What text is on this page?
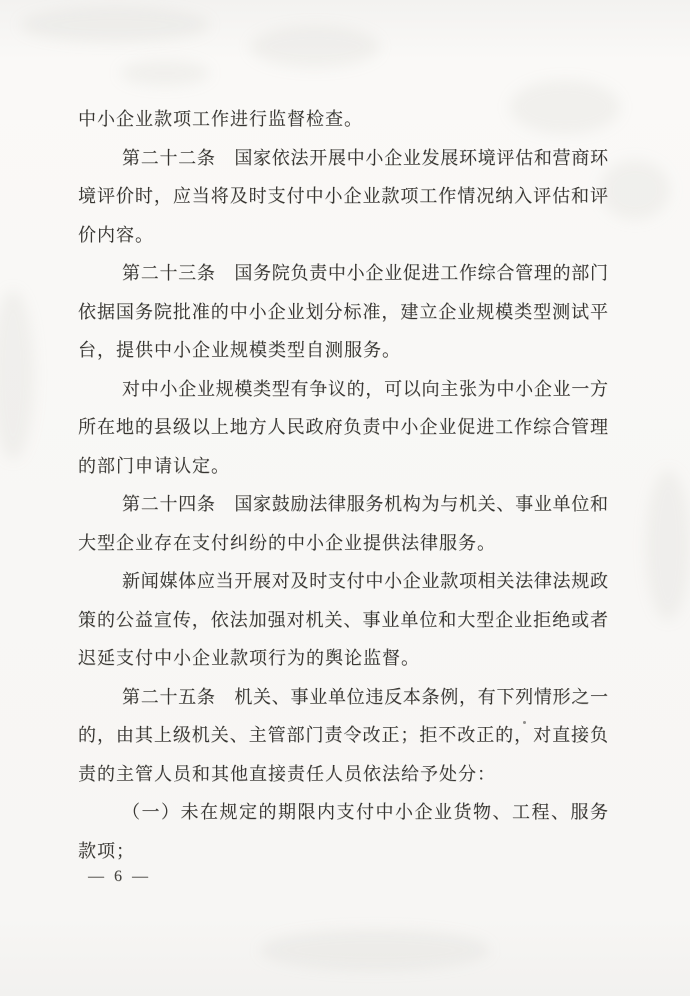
中小企业款项工作进行监督检查。
第二十二条　国家依法开展中小企业发展环境评估和营商环
境评价时，应当将及时支付中小企业款项工作情况纳入评估和评
价内容。
第二十三条　国务院负责中小企业促进工作综合管理的部门
依据国务院批准的中小企业划分标准，建立企业规模类型测试平
台，提供中小企业规模类型自测服务。
对中小企业规模类型有争议的，可以向主张为中小企业一方
所在地的县级以上地方人民政府负责中小企业促进工作综合管理
的部门申请认定。
第二十四条　国家鼓励法律服务机构为与机关、事业单位和
大型企业存在支付纠纷的中小企业提供法律服务。
新闻媒体应当开展对及时支付中小企业款项相关法律法规政
策的公益宣传，依法加强对机关、事业单位和大型企业拒绝或者
迟延支付中小企业款项行为的舆论监督。
第二十五条　机关、事业单位违反本条例，有下列情形之一
的，由其上级机关、主管部门责令改正；拒不改正的，对直接负
责的主管人员和其他直接责任人员依法给予处分：
（一）未在规定的期限内支付中小企业货物、工程、服务
款项；
— 6 —
